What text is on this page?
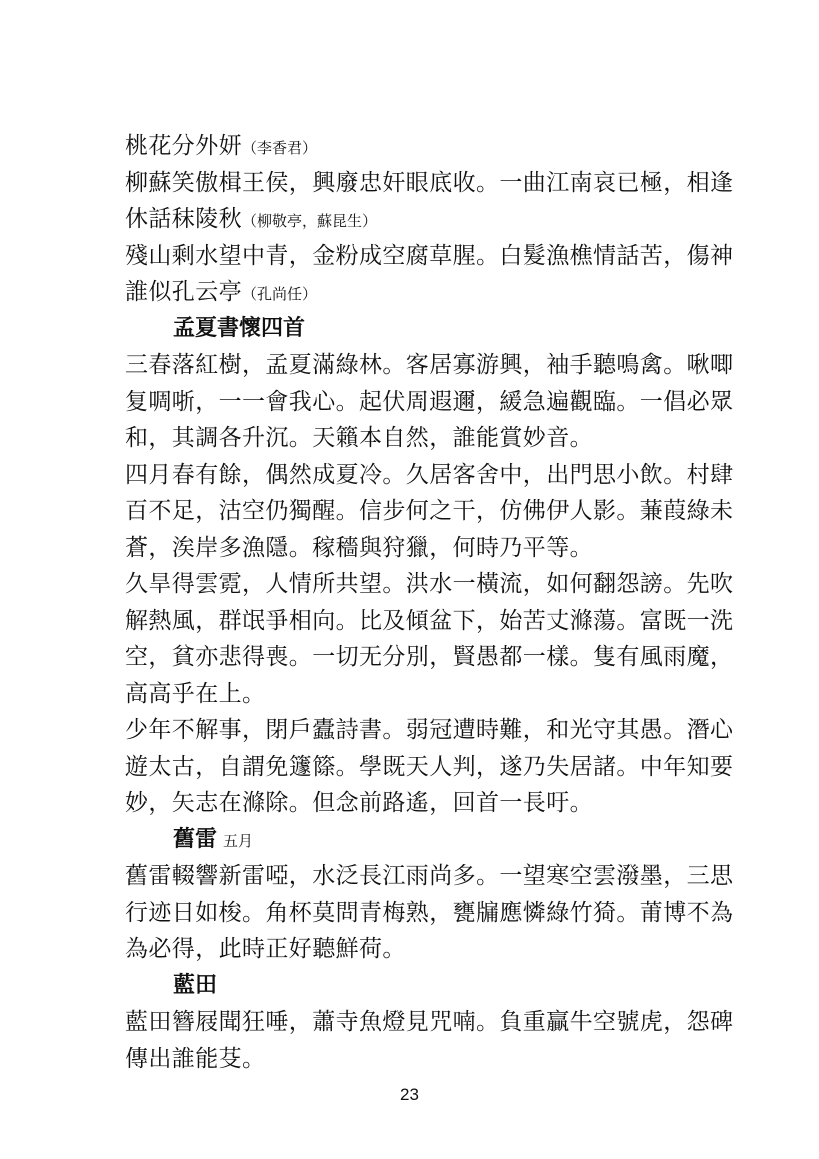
桃花分外妍（李香君）
柳蘇笑傲楫王侯，興廢忠奸眼底收。一曲江南哀已極，相逢
休話秣陵秋（柳敬亭，蘇昆生）
殘山剩水望中青，金粉成空腐草腥。白髮漁樵情話苦，傷神
誰似孔云亭（孔尚任）
孟夏書懷四首
三春落紅樹，孟夏滿綠林。客居寡游興，袖手聽鳴禽。啾唧
复啁哳，一一會我心。起伏周遐邇，緩急遍觀臨。一倡必眾
和，其調各升沉。天籟本自然，誰能賞妙音。
四月春有餘，偶然成夏冷。久居客舍中，出門思小飲。村肆
百不足，沽空仍獨醒。信步何之干，仿佛伊人影。蒹葭綠未
蒼，涘岸多漁隱。稼穡與狩獵，何時乃平等。
久旱得雲霓，人情所共望。洪水一橫流，如何翻怨謗。先吹
解熱風，群氓爭相向。比及傾盆下，始苦丈滌蕩。富既一洗
空，貧亦悲得喪。一切无分別，賢愚都一樣。隻有風雨魔，
高高乎在上。
少年不解事，閉戶蠹詩書。弱冠遭時難，和光守其愚。潛心
遊太古，自謂免籧篨。學既天人判，遂乃失居諸。中年知要
妙，矢志在滌除。但念前路遙，回首一長吁。
舊雷 五月
舊雷輟響新雷啞，水泛長江雨尚多。一望寒空雲潑墨，三思
行迹日如梭。角杯莫問青梅熟，甕牖應憐綠竹猗。莆博不為
為必得，此時正好聽鮮荷。
藍田
藍田簪屐聞狂唾，蕭寺魚燈見咒喃。負重贏牛空號虎，怨碑
傳出誰能芟。
23
